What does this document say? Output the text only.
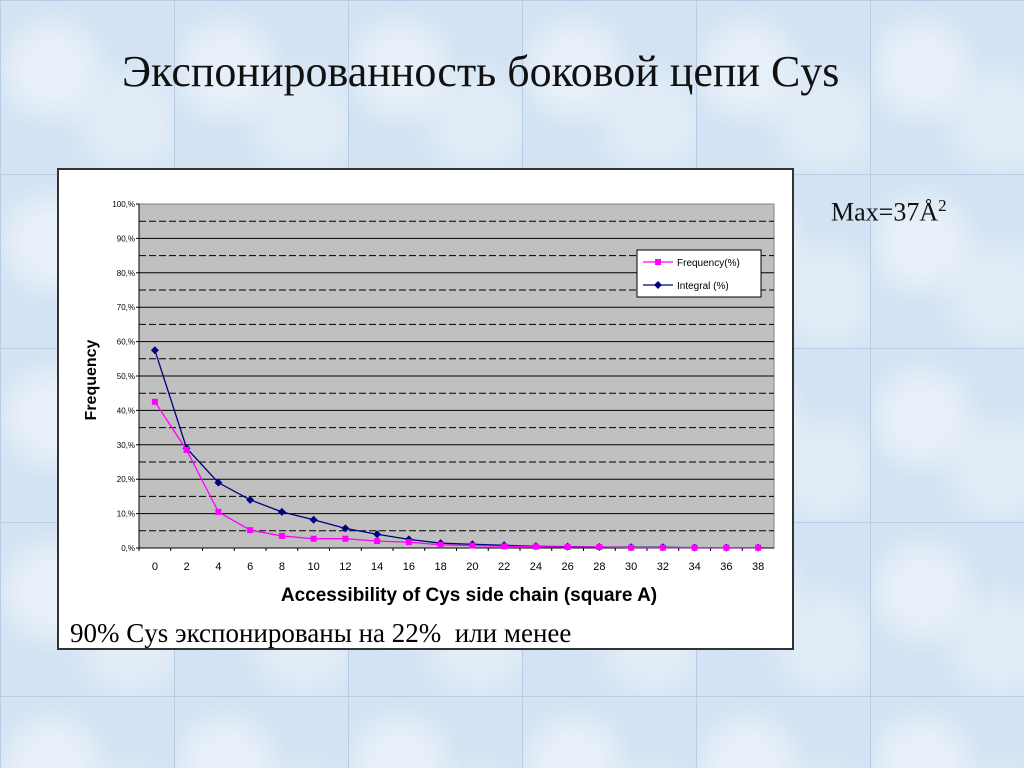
Экспонированность боковой цепи Cys
$Max=37Å^2$
0,%
10,%
20,%
30,%
40,%
50,%
60,%
70,%
80,%
90,%
100,%
0 2 4 6 8 10 12 14 16 18 20 22 24 26 28 30 32 34 36 38
Frequency(%)
Integral (%)
Frequency
Accessibility of Cys side chain (square A)
90% Cys экспонированы на 22%  или менее
